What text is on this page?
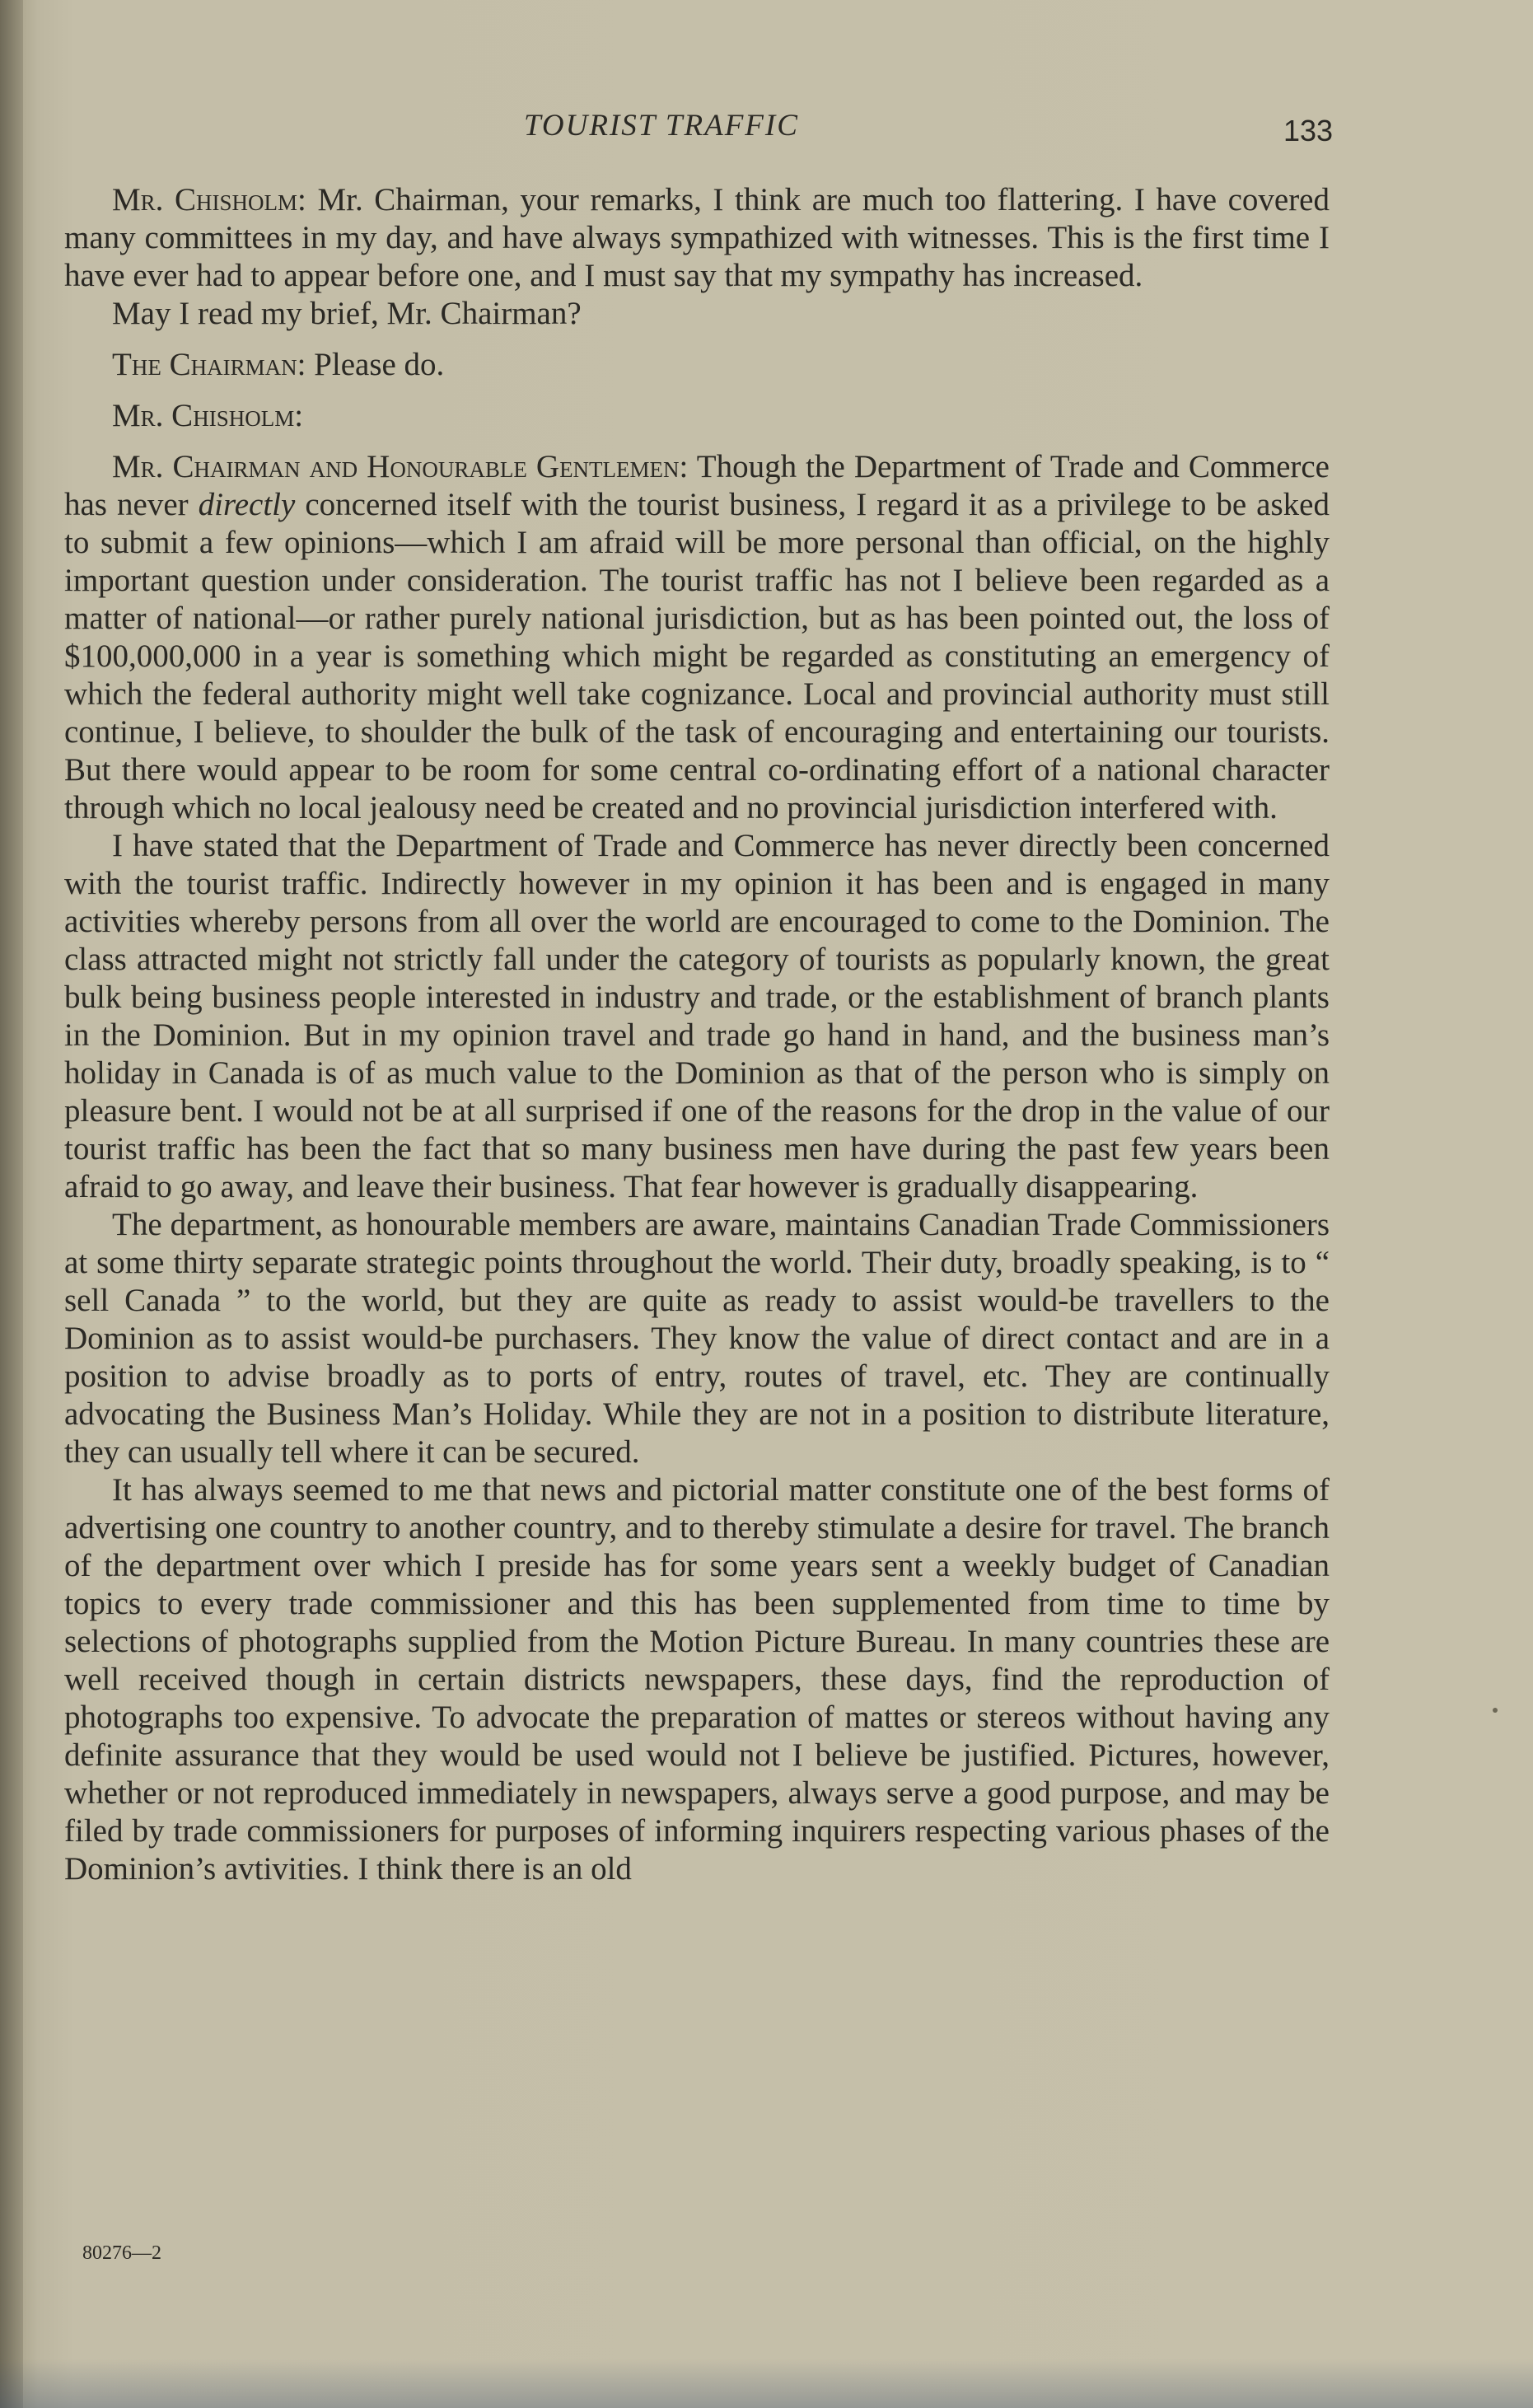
TOURIST TRAFFIC	133

Mr. Chisholm: Mr. Chairman, your remarks, I think are much too flattering. I have covered many committees in my day, and have always sympathized with witnesses. This is the first time I have ever had to appear before one, and I must say that my sympathy has increased.

May I read my brief, Mr. Chairman?

The Chairman: Please do.

Mr. Chisholm:

Mr. Chairman and Honourable Gentlemen: Though the Department of Trade and Commerce has never directly concerned itself with the tourist business, I regard it as a privilege to be asked to submit a few opinions—which I am afraid will be more personal than official, on the highly important question under consideration. The tourist traffic has not I believe been regarded as a matter of national—or rather purely national jurisdiction, but as has been pointed out, the loss of $100,000,000 in a year is something which might be regarded as constituting an emergency of which the federal authority might well take cognizance. Local and provincial authority must still continue, I believe, to shoulder the bulk of the task of encouraging and entertaining our tourists. But there would appear to be room for some central co-ordinating effort of a national character through which no local jealousy need be created and no provincial jurisdiction interfered with.

I have stated that the Department of Trade and Commerce has never directly been concerned with the tourist traffic. Indirectly however in my opinion it has been and is engaged in many activities whereby persons from all over the world are encouraged to come to the Dominion. The class attracted might not strictly fall under the category of tourists as popularly known, the great bulk being business people interested in industry and trade, or the establishment of branch plants in the Dominion. But in my opinion travel and trade go hand in hand, and the business man’s holiday in Canada is of as much value to the Dominion as that of the person who is simply on pleasure bent. I would not be at all surprised if one of the reasons for the drop in the value of our tourist traffic has been the fact that so many business men have during the past few years been afraid to go away, and leave their business. That fear however is gradually disappearing.

The department, as honourable members are aware, maintains Canadian Trade Commissioners at some thirty separate strategic points throughout the world. Their duty, broadly speaking, is to “ sell Canada ” to the world, but they are quite as ready to assist would-be travellers to the Dominion as to assist would-be purchasers. They know the value of direct contact and are in a position to advise broadly as to ports of entry, routes of travel, etc. They are continually advocating the Business Man’s Holiday. While they are not in a position to distribute literature, they can usually tell where it can be secured.

It has always seemed to me that news and pictorial matter constitute one of the best forms of advertising one country to another country, and to thereby stimulate a desire for travel. The branch of the department over which I preside has for some years sent a weekly budget of Canadian topics to every trade commissioner and this has been supplemented from time to time by selections of photographs supplied from the Motion Picture Bureau. In many countries these are well received though in certain districts newspapers, these days, find the reproduction of photographs too expensive. To advocate the preparation of mattes or stereos without having any definite assurance that they would be used would not I believe be justified. Pictures, however, whether or not reproduced immediately in newspapers, always serve a good purpose, and may be filed by trade commissioners for purposes of informing inquirers respecting various phases of the Dominion’s avtivities. I think there is an old

80276—2
